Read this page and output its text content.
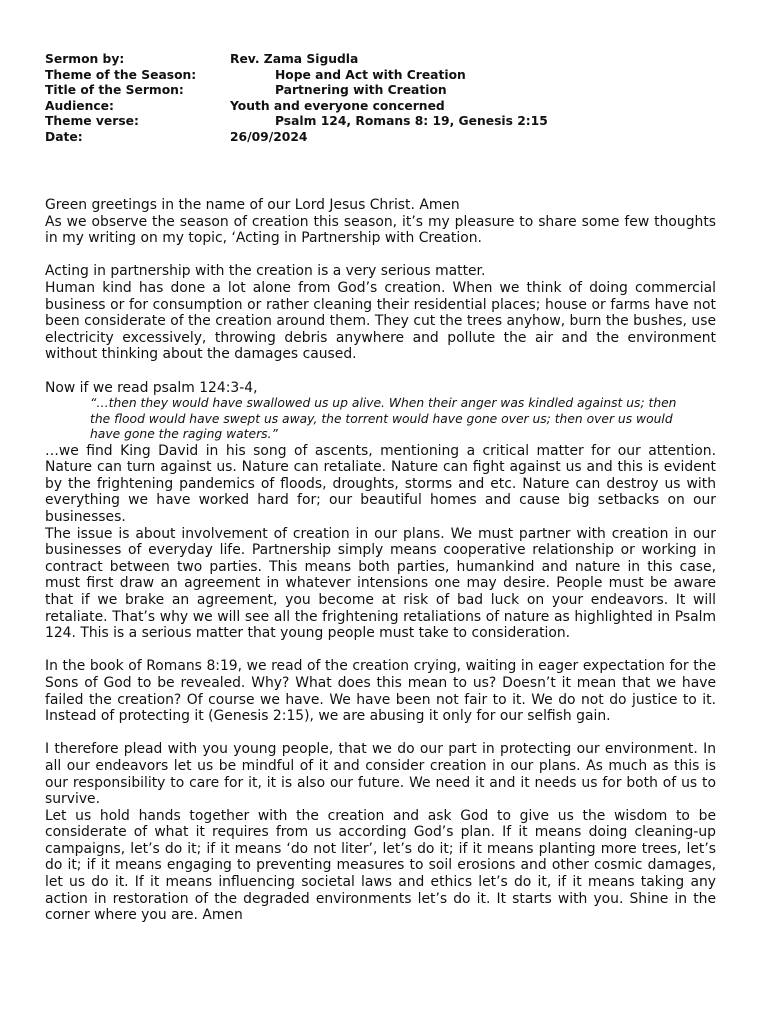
Sermon by:	Rev. Zama Sigudla
Theme of the Season:	Hope and Act with Creation
Title of the Sermon:	Partnering with Creation
Audience:	Youth and everyone concerned
Theme verse:	Psalm 124, Romans 8: 19, Genesis 2:15
Date:	26/09/2024

Green greetings in the name of our Lord Jesus Christ. Amen

As we observe the season of creation this season, it’s my pleasure to share some few thoughts in my writing on my topic, ‘Acting in Partnership with Creation.

Acting in partnership with the creation is a very serious matter.

Human kind has done a lot alone from God’s creation. When we think of doing commercial business or for consumption or rather cleaning their residential places; house or farms have not been considerate of the creation around them. They cut the trees anyhow, burn the bushes, use electricity excessively, throwing debris anywhere and pollute the air and the environment without thinking about the damages caused.

Now if we read psalm 124:3-4,

“…then they would have swallowed us up alive. When their anger was kindled against us; then the flood would have swept us away, the torrent would have gone over us; then over us would have gone the raging waters.”

…we find King David in his song of ascents, mentioning a critical matter for our attention. Nature can turn against us. Nature can retaliate. Nature can fight against us and this is evident by the frightening pandemics of floods, droughts, storms and etc. Nature can destroy us with everything we have worked hard for; our beautiful homes and cause big setbacks on our businesses.

The issue is about involvement of creation in our plans. We must partner with creation in our businesses of everyday life. Partnership simply means cooperative relationship or working in contract between two parties. This means both parties, humankind and nature in this case, must first draw an agreement in whatever intensions one may desire. People must be aware that if we brake an agreement, you become at risk of bad luck on your endeavors. It will retaliate. That’s why we will see all the frightening retaliations of nature as highlighted in Psalm 124. This is a serious matter that young people must take to consideration.

In the book of Romans 8:19, we read of the creation crying, waiting in eager expectation for the Sons of God to be revealed. Why? What does this mean to us? Doesn’t it mean that we have failed the creation? Of course we have. We have been not fair to it. We do not do justice to it. Instead of protecting it (Genesis 2:15), we are abusing it only for our selfish gain.

I therefore plead with you young people, that we do our part in protecting our environment. In all our endeavors let us be mindful of it and consider creation in our plans. As much as this is our responsibility to care for it, it is also our future. We need it and it needs us for both of us to survive.

Let us hold hands together with the creation and ask God to give us the wisdom to be considerate of what it requires from us according God’s plan. If it means doing cleaning-up campaigns, let’s do it; if it means ‘do not liter’, let’s do it; if it means planting more trees, let’s do it; if it means engaging to preventing measures to soil erosions and other cosmic damages, let us do it. If it means influencing societal laws and ethics let’s do it, if it means taking any action in restoration of the degraded environments let’s do it. It starts with you. Shine in the corner where you are. Amen
